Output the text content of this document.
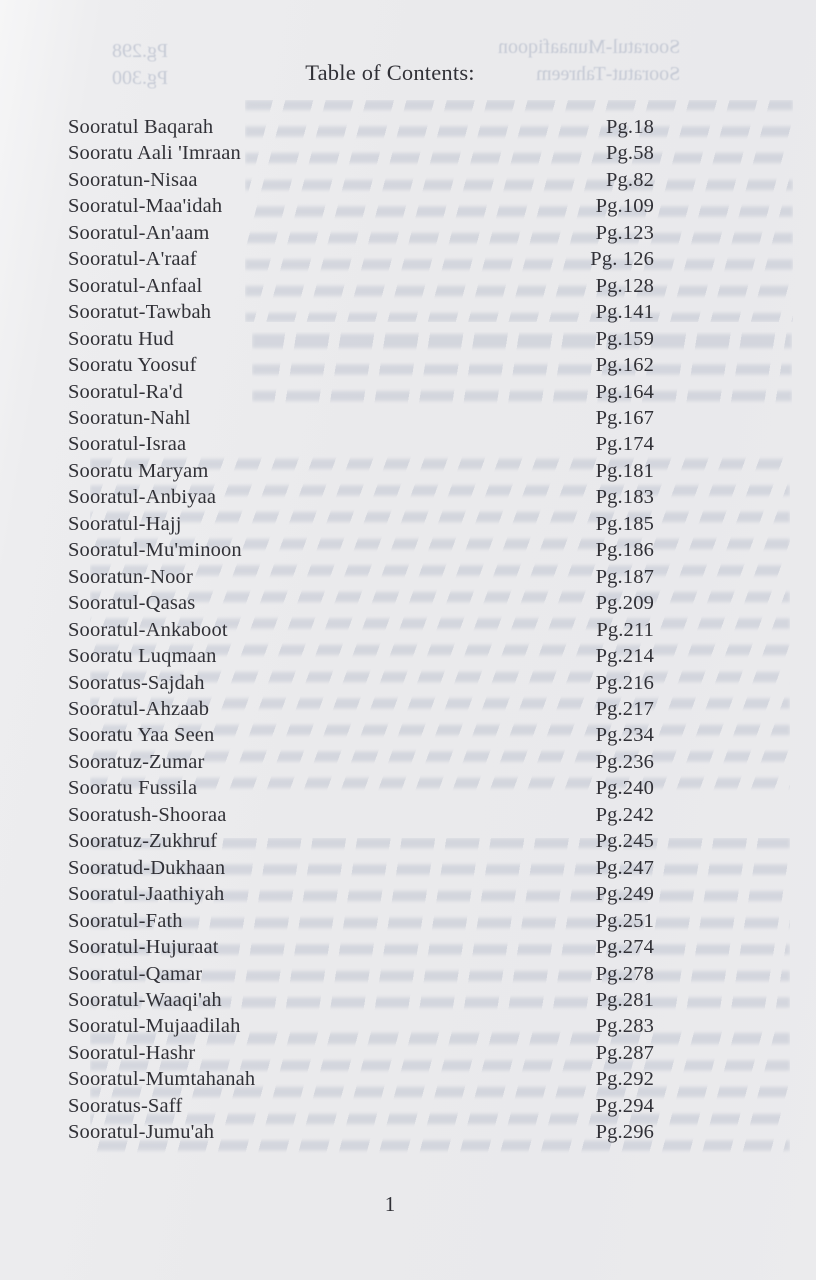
Pg.298
Pg.300
Sooratul-Munaafiqoon
Sooratut-Tahreem
Table of Contents:
Sooratul Baqarah	Pg.18
Sooratu Aali 'Imraan	Pg.58
Sooratun-Nisaa	Pg.82
Sooratul-Maa'idah	Pg.109
Sooratul-An'aam	Pg.123
Sooratul-A'raaf	Pg. 126
Sooratul-Anfaal	Pg.128
Sooratut-Tawbah	Pg.141
Sooratu Hud	Pg.159
Sooratu Yoosuf	Pg.162
Sooratul-Ra'd	Pg.164
Sooratun-Nahl	Pg.167
Sooratul-Israa	Pg.174
Sooratu Maryam	Pg.181
Sooratul-Anbiyaa	Pg.183
Sooratul-Hajj	Pg.185
Sooratul-Mu'minoon	Pg.186
Sooratun-Noor	Pg.187
Sooratul-Qasas	Pg.209
Sooratul-Ankaboot	Pg.211
Sooratu Luqmaan	Pg.214
Sooratus-Sajdah	Pg.216
Sooratul-Ahzaab	Pg.217
Sooratu Yaa Seen	Pg.234
Sooratuz-Zumar	Pg.236
Sooratu Fussila	Pg.240
Sooratush-Shooraa	Pg.242
Sooratuz-Zukhruf	Pg.245
Sooratud-Dukhaan	Pg.247
Sooratul-Jaathiyah	Pg.249
Sooratul-Fath	Pg.251
Sooratul-Hujuraat	Pg.274
Sooratul-Qamar	Pg.278
Sooratul-Waaqi'ah	Pg.281
Sooratul-Mujaadilah	Pg.283
Sooratul-Hashr	Pg.287
Sooratul-Mumtahanah	Pg.292
Sooratus-Saff	Pg.294
Sooratul-Jumu'ah	Pg.296
1
